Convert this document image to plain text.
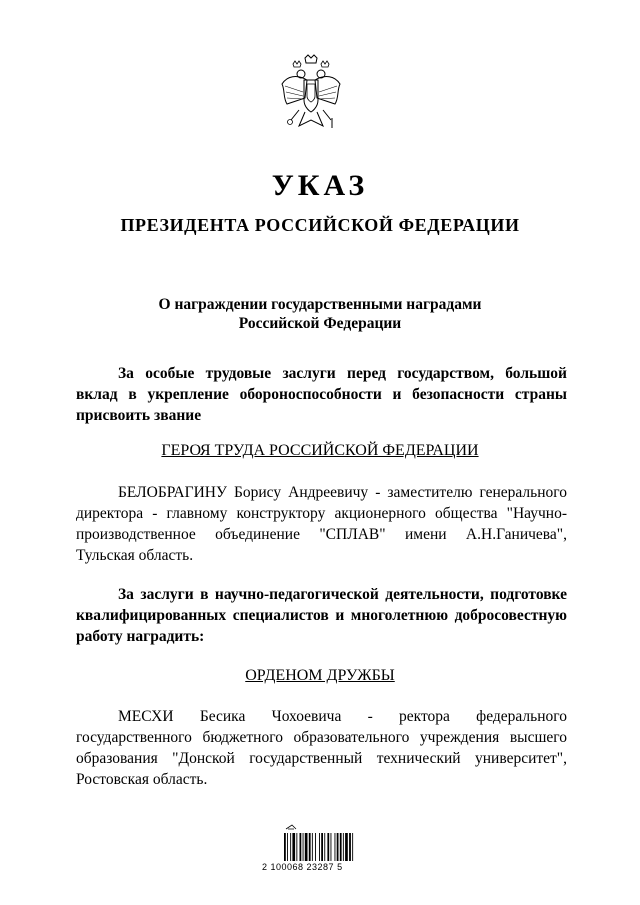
УКАЗ
ПРЕЗИДЕНТА РОССИЙСКОЙ ФЕДЕРАЦИИ
О награждении государственными наградами
Российской Федерации
За особые трудовые заслуги перед государством, большой вклад в укрепление обороноспособности и безопасности страны присвоить звание
ГЕРОЯ ТРУДА РОССИЙСКОЙ ФЕДЕРАЦИИ
БЕЛОБРАГИНУ Борису Андреевичу - заместителю генерального директора - главному конструктору акционерного общества "Научно-производственное объединение "СПЛАВ" имени А.Н.Ганичева", Тульская область.
За заслуги в научно-педагогической деятельности, подготовке квалифицированных специалистов и многолетнюю добросовестную работу наградить:
ОРДЕНОМ ДРУЖБЫ
МЕСХИ Бесика Чохоевича - ректора федерального государственного бюджетного образовательного учреждения высшего образования "Донской государственный технический университет", Ростовская область.
2 100068 23287 5
